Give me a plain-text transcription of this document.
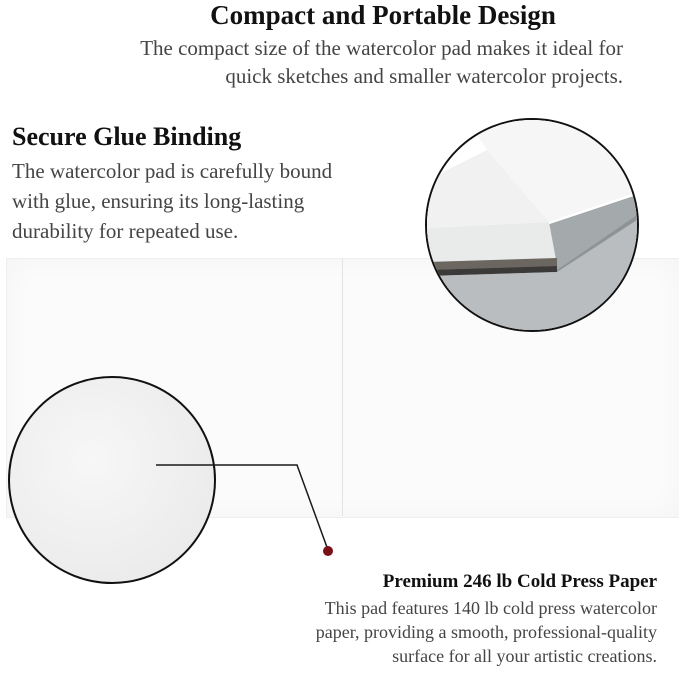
Compact and Portable Design
The compact size of the watercolor pad makes it ideal for
quick sketches and smaller watercolor projects.
Secure Glue Binding
The watercolor pad is carefully bound
with glue, ensuring its long-lasting
durability for repeated use.
Premium 246 lb Cold Press Paper
This pad features 140 lb cold press watercolor
paper, providing a smooth, professional-quality
surface for all your artistic creations.
